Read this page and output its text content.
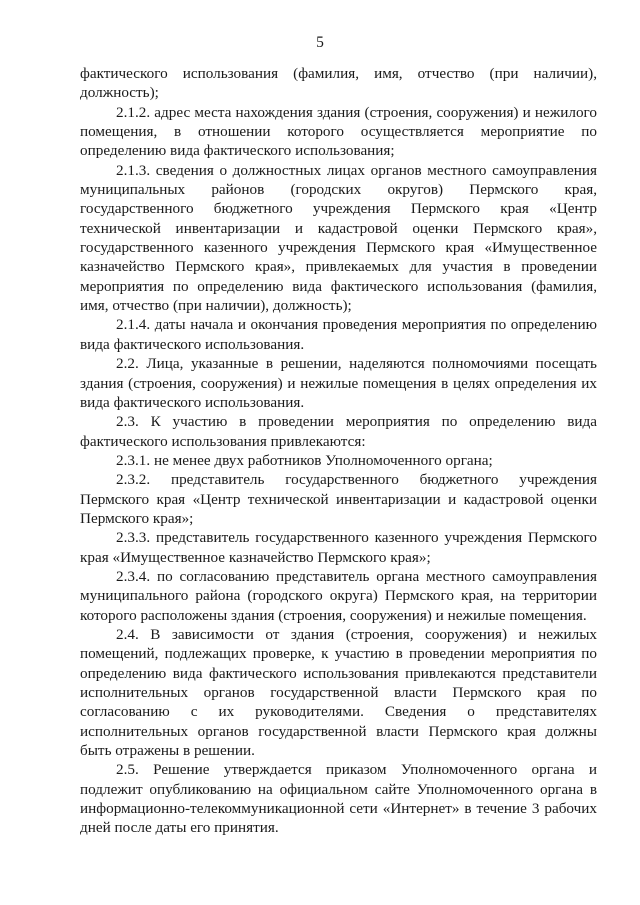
5

фактического использования (фамилия, имя, отчество (при наличии), должность);

2.1.2. адрес места нахождения здания (строения, сооружения) и нежилого помещения, в отношении которого осуществляется мероприятие по определению вида фактического использования;

2.1.3. сведения о должностных лицах органов местного самоуправления муниципальных районов (городских округов) Пермского края, государственного бюджетного учреждения Пермского края «Центр технической инвентаризации и кадастровой оценки Пермского края», государственного казенного учреждения Пермского края «Имущественное казначейство Пермского края», привлекаемых для участия в проведении мероприятия по определению вида фактического использования (фамилия, имя, отчество (при наличии), должность);

2.1.4. даты начала и окончания проведения мероприятия по определению вида фактического использования.

2.2. Лица, указанные в решении, наделяются полномочиями посещать здания (строения, сооружения) и нежилые помещения в целях определения их вида фактического использования.

2.3. К участию в проведении мероприятия по определению вида фактического использования привлекаются:

2.3.1. не менее двух работников Уполномоченного органа;

2.3.2. представитель государственного бюджетного учреждения Пермского края «Центр технической инвентаризации и кадастровой оценки Пермского края»;

2.3.3. представитель государственного казенного учреждения Пермского края «Имущественное казначейство Пермского края»;

2.3.4. по согласованию представитель органа местного самоуправления муниципального района (городского округа) Пермского края, на территории которого расположены здания (строения, сооружения) и нежилые помещения.

2.4. В зависимости от здания (строения, сооружения) и нежилых помещений, подлежащих проверке, к участию в проведении мероприятия по определению вида фактического использования привлекаются представители исполнительных органов государственной власти Пермского края по согласованию с их руководителями. Сведения о представителях исполнительных органов государственной власти Пермского края должны быть отражены в решении.

2.5. Решение утверждается приказом Уполномоченного органа и подлежит опубликованию на официальном сайте Уполномоченного органа в информационно-телекоммуникационной сети «Интернет» в течение 3 рабочих дней после даты его принятия.
